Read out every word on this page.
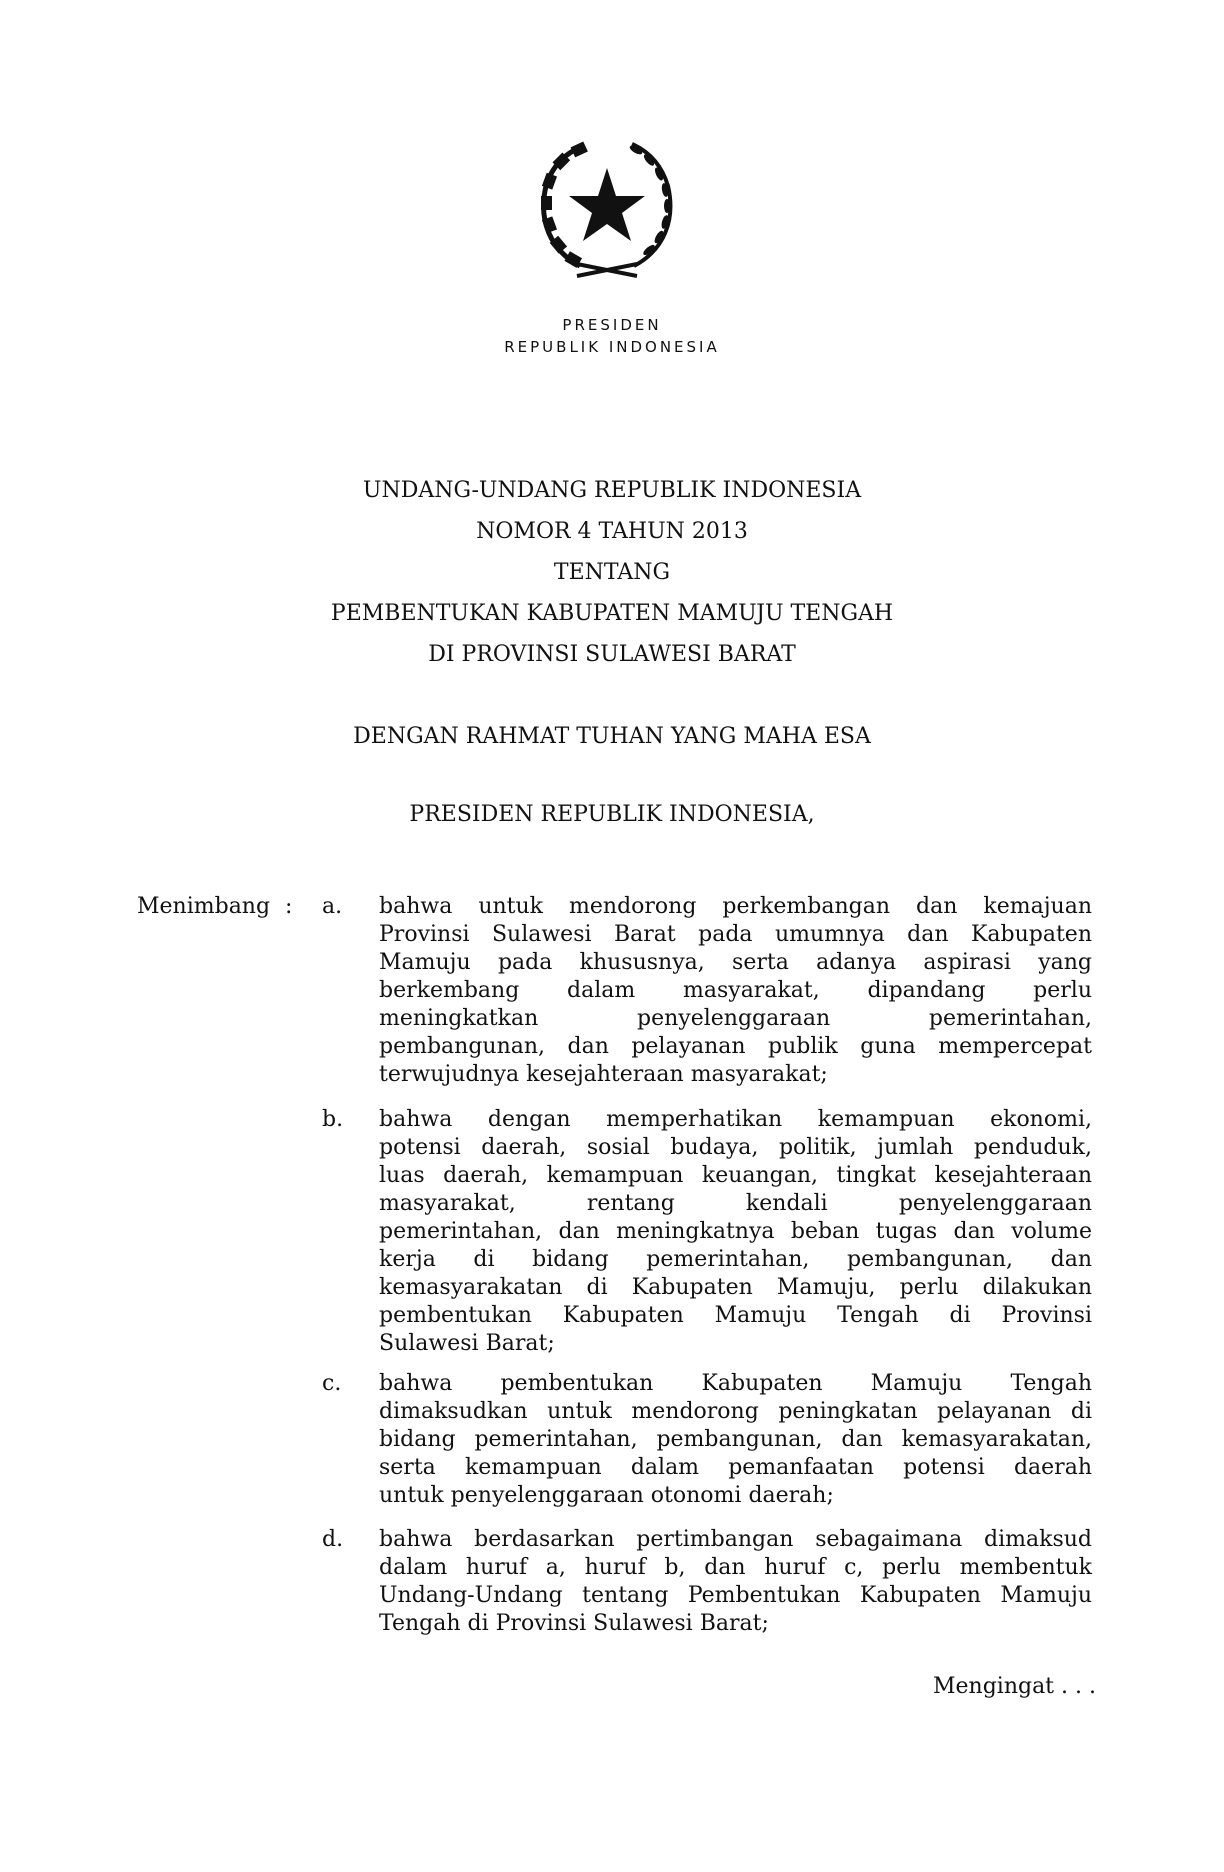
PRESIDEN
REPUBLIK INDONESIA

UNDANG-UNDANG REPUBLIK INDONESIA

NOMOR 4 TAHUN 2013

TENTANG

PEMBENTUKAN KABUPATEN MAMUJU TENGAH

DI PROVINSI SULAWESI BARAT

DENGAN RAHMAT TUHAN YANG MAHA ESA

PRESIDEN REPUBLIK INDONESIA,

Menimbang : a. bahwa untuk mendorong perkembangan dan kemajuan
Provinsi Sulawesi Barat pada umumnya dan Kabupaten
Mamuju pada khususnya, serta adanya aspirasi yang
berkembang dalam masyarakat, dipandang perlu
meningkatkan penyelenggaraan pemerintahan,
pembangunan, dan pelayanan publik guna mempercepat
terwujudnya kesejahteraan masyarakat;
b. bahwa dengan memperhatikan kemampuan ekonomi,
potensi daerah, sosial budaya, politik, jumlah penduduk,
luas daerah, kemampuan keuangan, tingkat kesejahteraan
masyarakat, rentang kendali penyelenggaraan
pemerintahan, dan meningkatnya beban tugas dan volume
kerja di bidang pemerintahan, pembangunan, dan
kemasyarakatan di Kabupaten Mamuju, perlu dilakukan
pembentukan Kabupaten Mamuju Tengah di Provinsi
Sulawesi Barat;
c. bahwa pembentukan Kabupaten Mamuju Tengah
dimaksudkan untuk mendorong peningkatan pelayanan di
bidang pemerintahan, pembangunan, dan kemasyarakatan,
serta kemampuan dalam pemanfaatan potensi daerah
untuk penyelenggaraan otonomi daerah;
d. bahwa berdasarkan pertimbangan sebagaimana dimaksud
dalam huruf a, huruf b, dan huruf c, perlu membentuk
Undang-Undang tentang Pembentukan Kabupaten Mamuju
Tengah di Provinsi Sulawesi Barat;
Mengingat . . .
